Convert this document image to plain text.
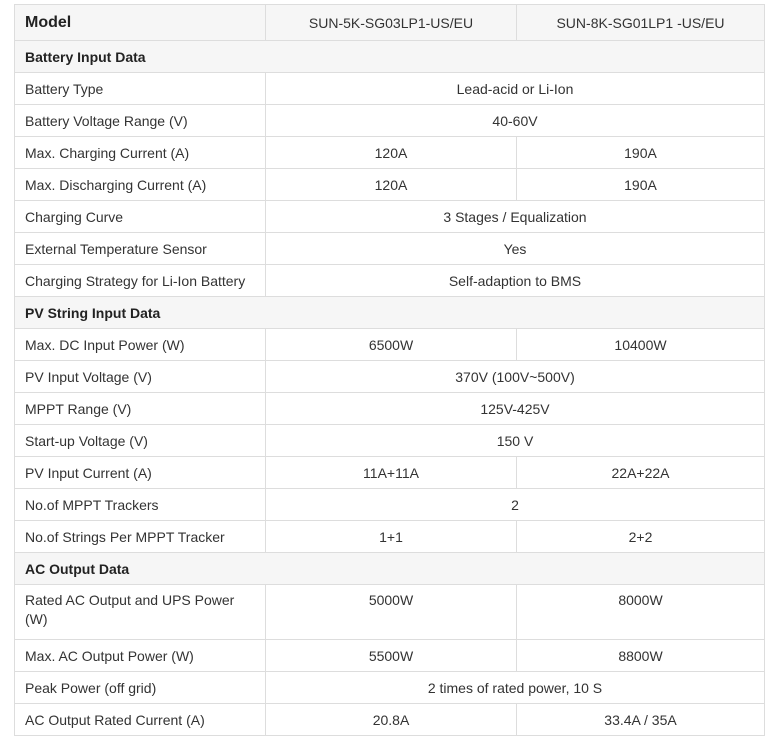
Model	SUN-5K-SG03LP1-US/EU	SUN-8K-SG01LP1 -US/EU
Battery Input Data		
Battery Type	Lead-acid or Li-Ion	
Battery Voltage Range (V)	40-60V	
Max. Charging Current (A)	120A	190A
Max. Discharging Current (A)	120A	190A
Charging Curve	3 Stages / Equalization	
External Temperature Sensor	Yes	
Charging Strategy for Li-Ion Battery	Self-adaption to BMS	
PV String Input Data		
Max. DC Input Power (W)	6500W	10400W
PV Input Voltage (V)	370V (100V~500V)	
MPPT Range (V)	125V-425V	
Start-up Voltage (V)	150 V	
PV Input Current (A)	11A+11A	22A+22A
No.of MPPT Trackers	2	
No.of Strings Per MPPT Tracker	1+1	2+2
AC Output Data		
Rated AC Output and UPS Power (W)	5000W	8000W
Max. AC Output Power (W)	5500W	8800W
Peak Power (off grid)	2 times of rated power, 10 S	
AC Output Rated Current (A)	20.8A	33.4A / 35A
